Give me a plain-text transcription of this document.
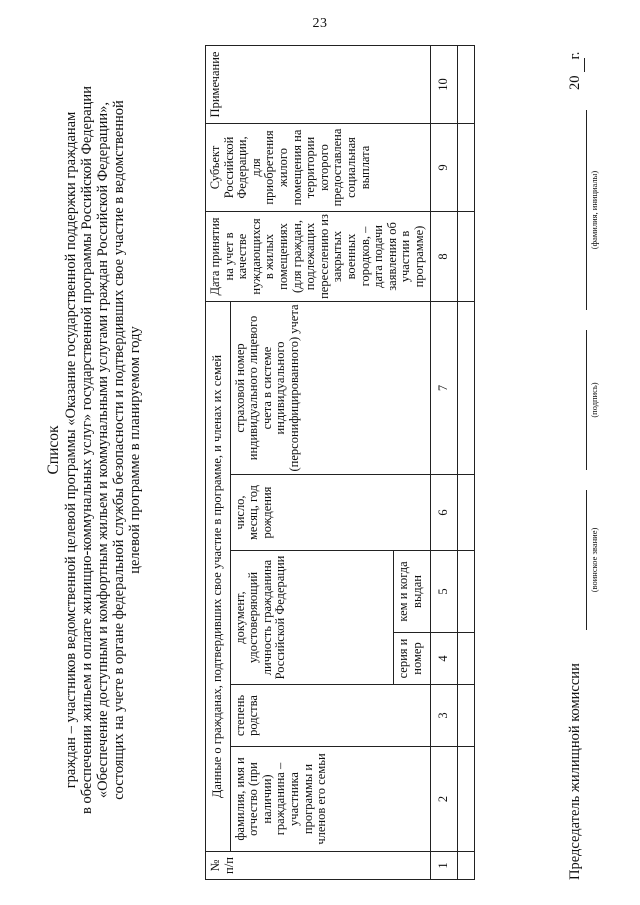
23
Список граждан – участников ведомственной целевой программы «Оказание государственной поддержки гражданам в обеспечении жильем и оплате жилищно-коммунальных услуг» государственной программы Российской Федерации «Обеспечение доступным и комфортным жильем и коммунальными услугами граждан Российской Федерации», состоящих на учете в органе федеральной службы безопасности и подтвердивших свое участие в ведомственной целевой программе в планируемом году
№ п/п	Данные о гражданах, подтвердивших свое участие в программе, и членах их семей						Дата принятия на учет в качестве нуждающихся в жилых помещениях (для граждан, подлежащих переселению из закрытых военных городков, – дата подачи заявления об участии в программе)	Субъект Российской Федерации, для приобретения жилого помещения на территории которого предоставлена социальная выплата	Примечание
	фамилия, имя и отчество (при наличии) гражданина – участника программы и членов его семьи	степень родства	документ, удостоверяющий личность гражданина Российской Федерации		число, месяц, год рождения	страховой номер индивидуального лицевого счета в системе индивидуального (персонифицированного) учета			
			серия и номер	кем и когда выдан					
1	2	3	4	5	6	7	8	9	10

Председатель жилищной комиссии
(воинское звание)
(подпись)
(фамилия, инициалы)
20г.
